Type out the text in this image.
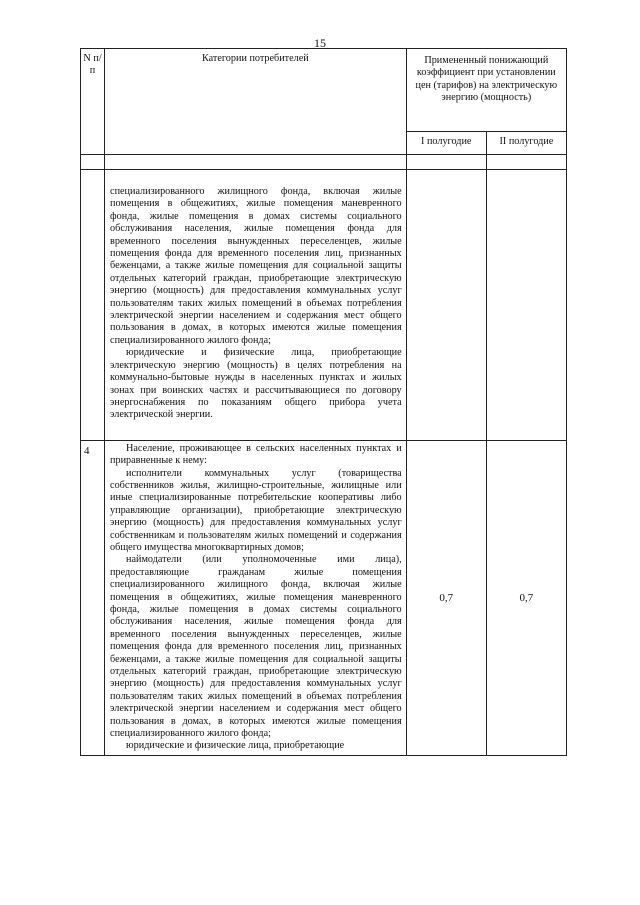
15
N п/п	Категории потребителей	Примененный понижающий коэффициент при установлении цен (тарифов) на электрическую энергию (мощность)	
		I полугодие	II полугодие

	специализированного жилищного фонда, включая жилые помещения в общежитиях, жилые помещения маневренного фонда, жилые помещения в домах системы социального обслуживания населения, жилые помещения фонда для временного поселения вынужденных переселенцев, жилые помещения фонда для временного поселения лиц, признанных беженцами, а также жилые помещения для социальной защиты отдельных категорий граждан, приобретающие электрическую энергию (мощность) для предоставления коммунальных услуг пользователям таких жилых помещений в объемах потребления электрической энергии населением и содержания мест общего пользования в домах, в которых имеются жилые помещения специализированного жилого фонда;

юридические и физические лица, приобретающие электрическую энергию (мощность) в целях потребления на коммунально-бытовые нужды в населенных пунктах и жилых зонах при воинских частях и рассчитывающиеся по договору энергоснабжения по показаниям общего прибора учета электрической энергии.		

4	Население, проживающее в сельских населенных пунктах и приравненные к нему:

исполнители коммунальных услуг (товарищества собственников жилья, жилищно-строительные, жилищные или иные специализированные потребительские кооперативы либо управляющие организации), приобретающие электрическую энергию (мощность) для предоставления коммунальных услуг собственникам и пользователям жилых помещений и содержания общего имущества многоквартирных домов;

наймодатели (или уполномоченные ими лица), предоставляющие гражданам жилые помещения специализированного жилищного фонда, включая жилые помещения в общежитиях, жилые помещения маневренного фонда, жилые помещения в домах системы социального обслуживания населения, жилые помещения фонда для временного поселения вынужденных переселенцев, жилые помещения фонда для временного поселения лиц, признанных беженцами, а также жилые помещения для социальной защиты отдельных категорий граждан, приобретающие электрическую энергию (мощность) для предоставления коммунальных услуг пользователям таких жилых помещений в объемах потребления электрической энергии населением и содержания мест общего пользования в домах, в которых имеются жилые помещения специализированного жилого фонда;

юридические и физические лица, приобретающие	0,7	0,7
